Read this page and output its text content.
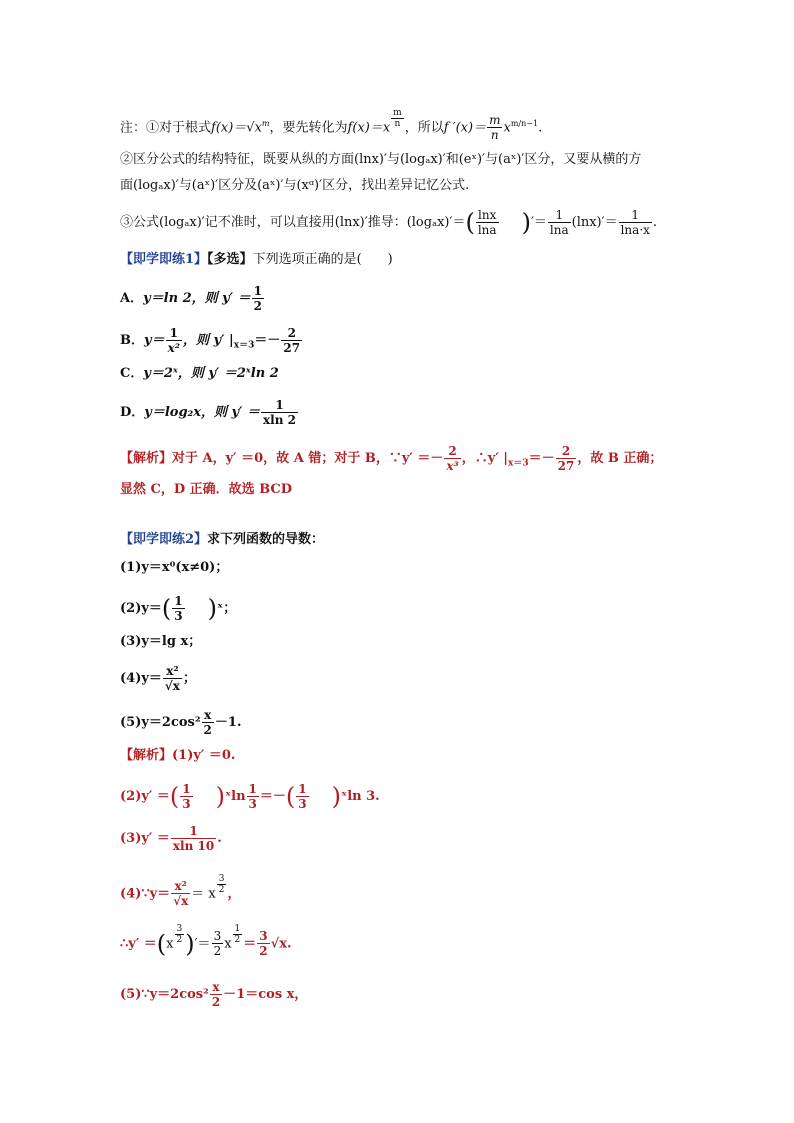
注：①对于根式$f(x)=√x^m$，要先转化为$f(x)=x \frac{m}{n}$ ，所以f $'(x)= \frac{m}{n} x^{m/n-1}$.
②区分公式的结构特征，既要从纵的方面(lnx)′与(logₐx)′和(eˣ)′与(aˣ)′区分，又要从横的方
面(logₐx)′与(aˣ)′区分及(aˣ)′与(xᵅ)′区分，找出差异记忆公式.
③公式(logₐx)′记不准时，可以直接用(lnx)′推导：$(\log_ax)'=( \frac{\ln x}{\ln a}$ )′＝ $\frac{1}{\ln a} (\ln x)'= \frac{1}{\ln a\cdot x}$ .
【即学即练1】【多选】下列选项正确的是(　　)
A．y＝ln 2，则 $y' = \frac{1}{2}$
B．$y= \frac{1}{\text{x²}}$ ，则 y′ $|_{x=3}=- \frac{2}{27}$
C．y＝2ˣ，则 y′ ＝2ˣln 2
D．y＝log₂x，则 $y' = \frac{1}{xln 2}$
【解析】对于 A，y′ ＝0，故 A 错；对于 B，∵y′ ＝－ $\frac{2}{\text{x³}}$ ，∴y′ $|_{x=3}=- \frac{2}{27}$ ，故 B 正确；
显然 C，D 正确．故选 BCD
【即学即练2】求下列函数的导数：
(1)y＝x⁰(x≠0)；
$(2)y=( \frac{1}{3}$ )ˣ；
(3)y＝lg x；
$(4)y= \frac{\text{x²}}{√x}$ ；
$(5)y=2\cos^2 \frac{x}{2} -1$.
【解析】(1)y′ ＝0.
(2)y′ ＝( $\frac{1}{3}$ )ˣln $\frac{1}{3}$ ＝－( $\frac{1}{3}$ )ˣln 3.
$(3)y' = \frac{1}{xln 10}$ .
(4)∵y＝ $\frac{\text{x²}}{√x} = x \frac{3}{2}$ ，
∴y′ $=(x \frac{3}{2}$ )′＝ $\frac{3}{2}$ x $\frac{1}{2} = \frac{3}{2} √x$.
(5)∵y＝2cos² $\frac{x}{2} -1=\cos$ x，
